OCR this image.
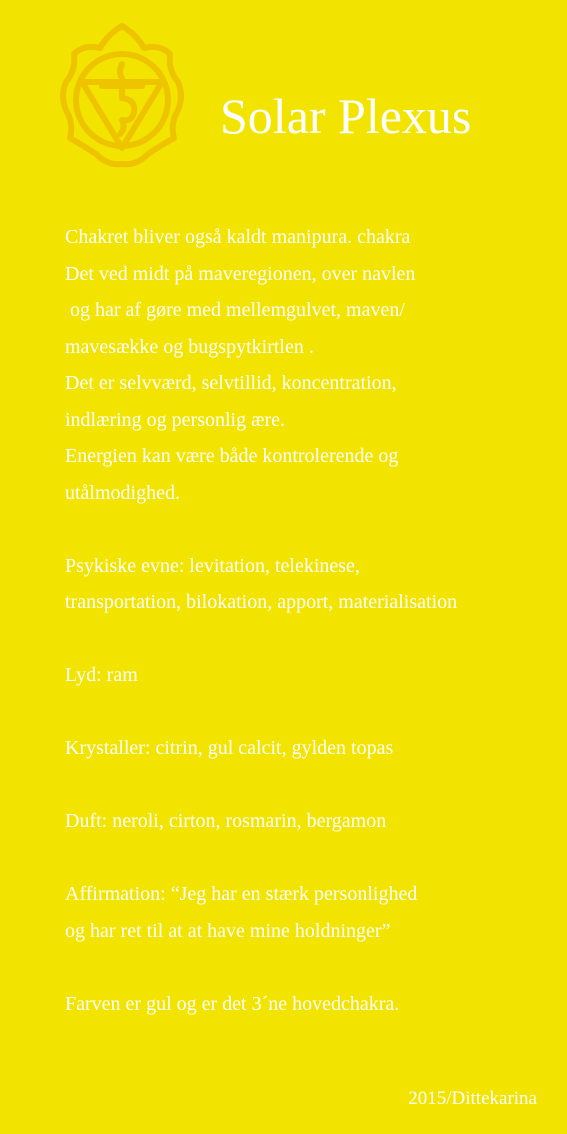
Solar Plexus
Chakret bliver også kaldt manipura. chakra
Det ved midt på maveregionen, over navlen
og har af gøre med mellemgulvet, maven/
mavesække og bugspytkirtlen .
Det er selvværd, selvtillid, koncentration,
indlæring og personlig ære.
Energien kan være både kontrolerende og
utålmodighed.
Psykiske evne: levitation, telekinese,
transportation, bilokation, apport, materialisation
Lyd: ram
Krystaller: citrin, gul calcit, gylden topas
Duft: neroli, cirton, rosmarin, bergamon
Affirmation: “Jeg har en stærk personlighed
og har ret til at at have mine holdninger”
Farven er gul og er det 3´ne hovedchakra.
2015/Dittekarina
